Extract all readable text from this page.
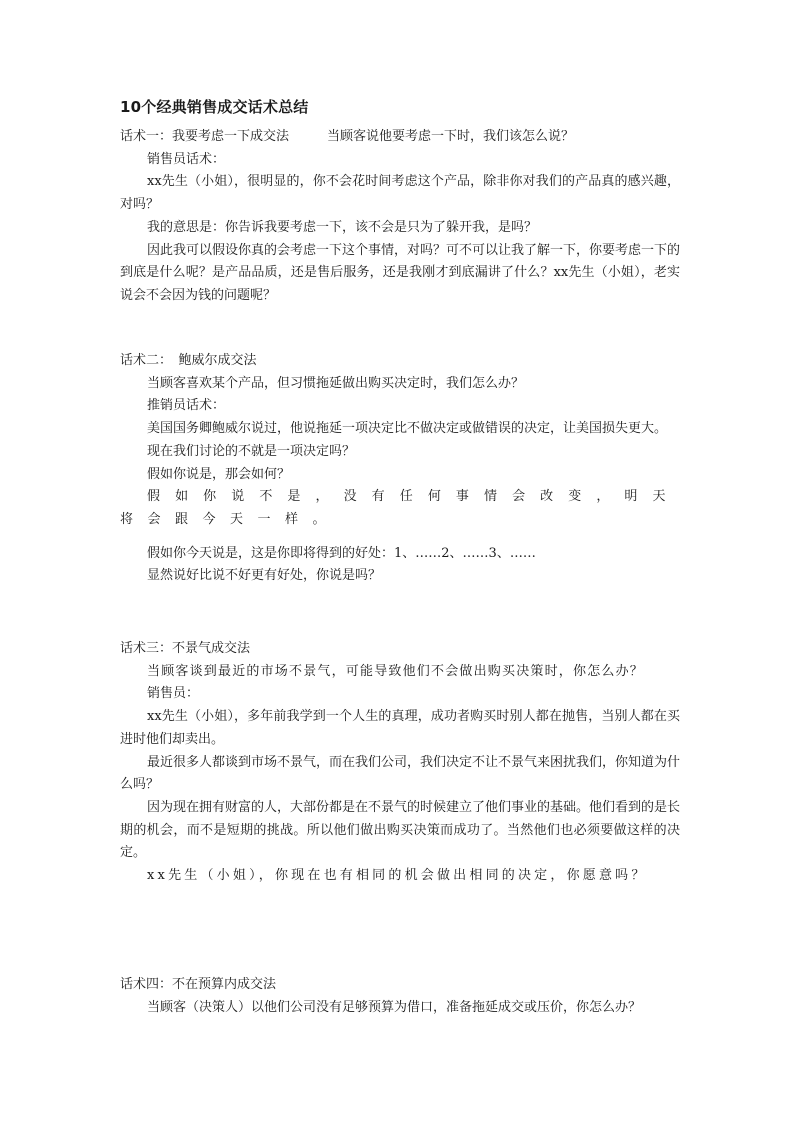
10个经典销售成交话术总结
话术一：我要考虑一下成交法	当顾客说他要考虑一下时，我们该怎么说？

销售员话术：

xx先生（小姐），很明显的，你不会花时间考虑这个产品，除非你对我们的产品真的感兴趣，对吗？

我的意思是：你告诉我要考虑一下，该不会是只为了躲开我，是吗？

因此我可以假设你真的会考虑一下这个事情，对吗？可不可以让我了解一下，你要考虑一下的到底是什么呢？是产品品质，还是售后服务，还是我刚才到底漏讲了什么？xx先生（小姐），老实说会不会因为钱的问题呢？

话术二：　鲍威尔成交法

当顾客喜欢某个产品，但习惯拖延做出购买决定时，我们怎么办？

推销员话术：

美国国务卿鲍威尔说过，他说拖延一项决定比不做决定或做错误的决定，让美国损失更大。

现在我们讨论的不就是一项决定吗？

假如你说是，那会如何？

假如你说不是，没有任何事情会改变，明天将会跟今天一样。

假如你今天说是，这是你即将得到的好处：1、……2、……3、……

显然说好比说不好更有好处，你说是吗？

话术三：不景气成交法

当顾客谈到最近的市场不景气，可能导致他们不会做出购买决策时，你怎么办？

销售员：

xx先生（小姐），多年前我学到一个人生的真理，成功者购买时别人都在抛售，当别人都在买进时他们却卖出。

最近很多人都谈到市场不景气，而在我们公司，我们决定不让不景气来困扰我们，你知道为什么吗？

因为现在拥有财富的人，大部份都是在不景气的时候建立了他们事业的基础。他们看到的是长期的机会，而不是短期的挑战。所以他们做出购买决策而成功了。当然他们也必须要做这样的决定。

xx先生（小姐），你现在也有相同的机会做出相同的决定，你愿意吗？

话术四：不在预算内成交法

当顾客（决策人）以他们公司没有足够预算为借口，准备拖延成交或压价，你怎么办？
